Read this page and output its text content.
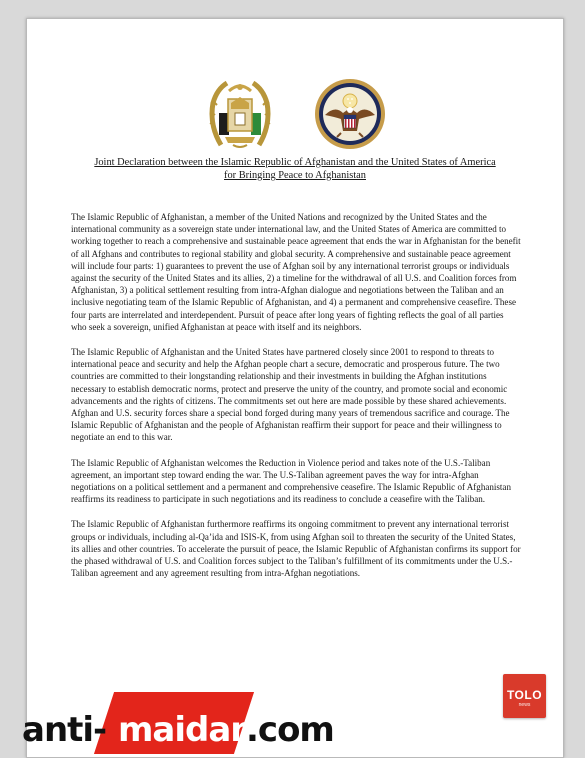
Joint Declaration between the Islamic Republic of Afghanistan and the United States of America
for Bringing Peace to Afghanistan

The Islamic Republic of Afghanistan, a member of the United Nations and recognized by the United States and the international community as a sovereign state under international law, and the United States of America are committed to working together to reach a comprehensive and sustainable peace agreement that ends the war in Afghanistan for the benefit of all Afghans and contributes to regional stability and global security. A comprehensive and sustainable peace agreement will include four parts: 1) guarantees to prevent the use of Afghan soil by any international terrorist groups or individuals against the security of the United States and its allies, 2) a timeline for the withdrawal of all U.S. and Coalition forces from Afghanistan, 3) a political settlement resulting from intra-Afghan dialogue and negotiations between the Taliban and an inclusive negotiating team of the Islamic Republic of Afghanistan, and 4) a permanent and comprehensive ceasefire. These four parts are interrelated and interdependent. Pursuit of peace after long years of fighting reflects the goal of all parties who seek a sovereign, unified Afghanistan at peace with itself and its neighbors.

The Islamic Republic of Afghanistan and the United States have partnered closely since 2001 to respond to threats to international peace and security and help the Afghan people chart a secure, democratic and prosperous future. The two countries are committed to their longstanding relationship and their investments in building the Afghan institutions necessary to establish democratic norms, protect and preserve the unity of the country, and promote social and economic advancements and the rights of citizens. The commitments set out here are made possible by these shared achievements. Afghan and U.S. security forces share a special bond forged during many years of tremendous sacrifice and courage. The Islamic Republic of Afghanistan and the people of Afghanistan reaffirm their support for peace and their willingness to negotiate an end to this war.

The Islamic Republic of Afghanistan welcomes the Reduction in Violence period and takes note of the U.S.-Taliban agreement, an important step toward ending the war. The U.S-Taliban agreement paves the way for intra-Afghan negotiations on a political settlement and a permanent and comprehensive ceasefire. The Islamic Republic of Afghanistan reaffirms its readiness to participate in such negotiations and its readiness to conclude a ceasefire with the Taliban.

The Islamic Republic of Afghanistan furthermore reaffirms its ongoing commitment to prevent any international terrorist groups or individuals, including al-Qa’ida and ISIS-K, from using Afghan soil to threaten the security of the United States, its allies and other countries. To accelerate the pursuit of peace, the Islamic Republic of Afghanistan confirms its support for the phased withdrawal of U.S. and Coalition forces subject to the Taliban’s fulfillment of its commitments under the U.S.-Taliban agreement and any agreement resulting from intra-Afghan negotiations.

TOLO
news
anti- maidan
.com
